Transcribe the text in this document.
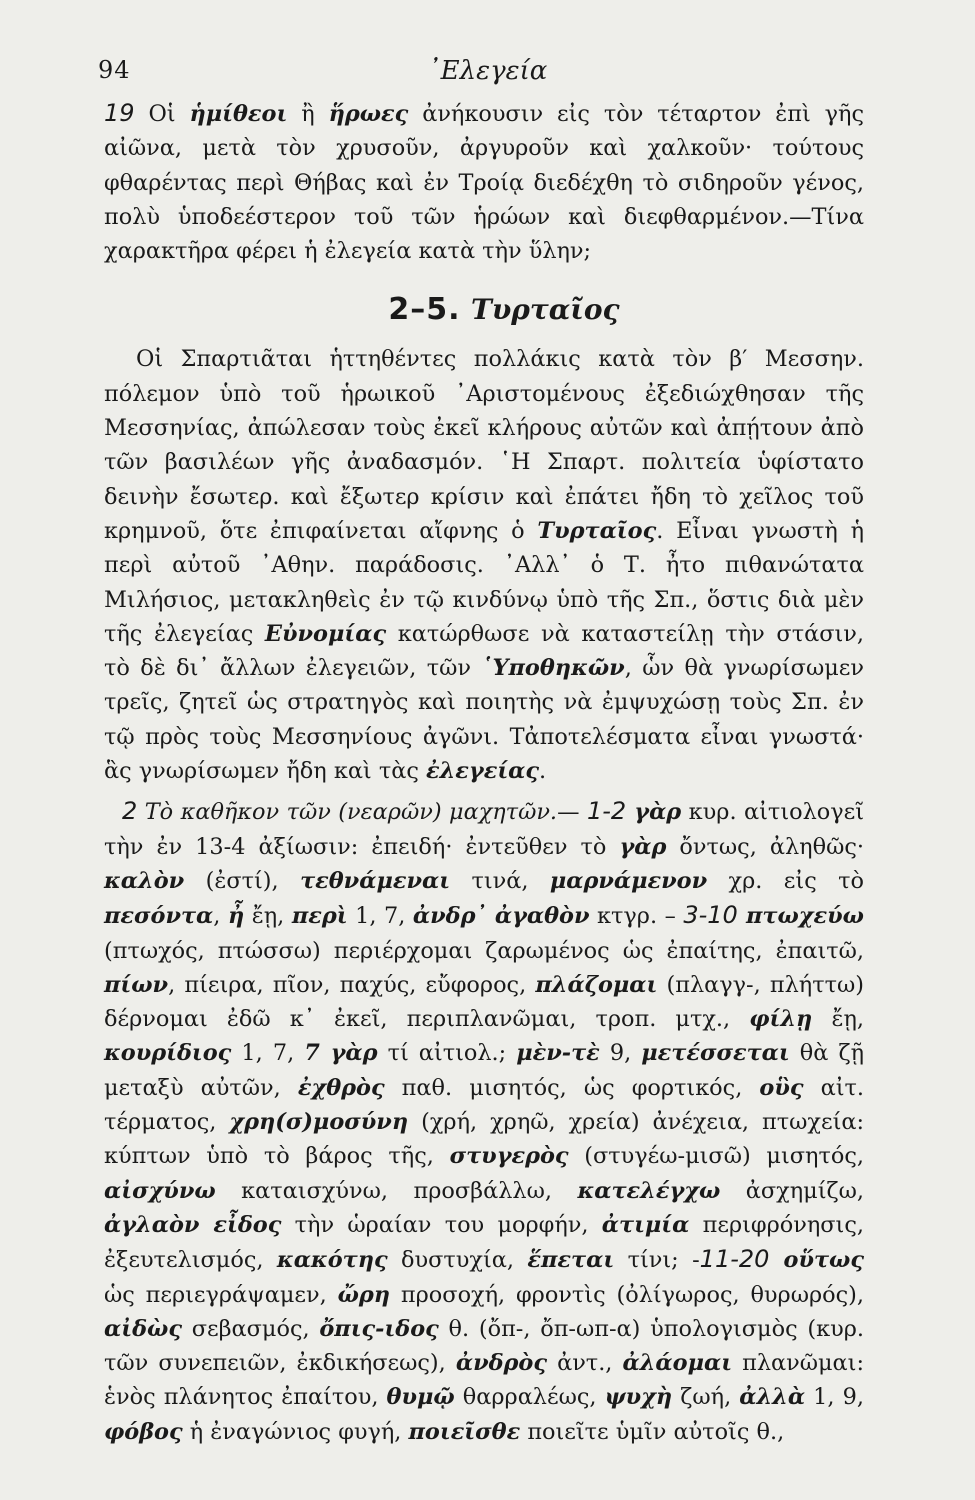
94	᾽Ελεγεία

19 Οἱ ἡμίθεοι ἢ ἥρωες ἀνήκουσιν εἰς τὸν τέταρτον ἐπὶ γῆς αἰῶνα, μετὰ τὸν χρυσοῦν, ἀργυροῦν καὶ χαλκοῦν· τούτους φθαρέντας περὶ Θήβας καὶ ἐν Τροίᾳ διεδέχθη τὸ σιδηροῦν γένος, πολὺ ὑποδεέστερον τοῦ τῶν ἡρώων καὶ διεφθαρμένον.—Τίνα χαρακτῆρα φέρει ἡ ἐλεγεία κατὰ τὴν ὕλην;

2–5. Τυρταῖος

Οἱ Σπαρτιᾶται ἡττηθέντες πολλάκις κατὰ τὸν β′ Μεσσην. πόλεμον ὑπὸ τοῦ ἡρωικοῦ ᾽Αριστομένους ἐξεδιώχθησαν τῆς Μεσσηνίας, ἀπώλεσαν τοὺς ἐκεῖ κλήρους αὐτῶν καὶ ἀπῄτουν ἀπὸ τῶν βασιλέων γῆς ἀναδασμόν. ῾Η Σπαρτ. πολιτεία ὑφίστατο δεινὴν ἔσωτερ. καὶ ἔξωτερ κρίσιν καὶ ἐπάτει ἤδη τὸ χεῖλος τοῦ κρημνοῦ, ὅτε ἐπιφαίνεται αἴφνης ὁ Τυρταῖος. Εἶναι γνωστὴ ἡ περὶ αὐτοῦ ᾽Αθην. παράδοσις. ᾽Αλλ᾽ ὁ Τ. ἦτο πιθανώτατα Μιλήσιος, μετακληθεὶς ἐν τῷ κινδύνῳ ὑπὸ τῆς Σπ., ὅστις διὰ μὲν τῆς ἐλεγείας Εὐνομίας κατώρθωσε νὰ καταστείλῃ τὴν στάσιν, τὸ δὲ δι᾽ ἄλλων ἐλεγειῶν, τῶν ῾Υποθηκῶν, ὧν θὰ γνωρίσωμεν τρεῖς, ζητεῖ ὡς στρατηγὸς καὶ ποιητὴς νὰ ἐμψυχώσῃ τοὺς Σπ. ἐν τῷ πρὸς τοὺς Μεσσηνίους ἀγῶνι. Τἀποτελέσματα εἶναι γνωστά· ἃς γνωρίσωμεν ἤδη καὶ τὰς ἐλεγείας.

2 Τὸ καθῆκον τῶν (νεαρῶν) μαχητῶν.— 1-2 γὰρ κυρ. αἰτιολογεῖ τὴν ἐν 13-4 ἀξίωσιν: ἐπειδή· ἐντεῦθεν τὸ γὰρ ὄντως, ἀληθῶς· καλὸν (ἐστί), τεθνάμεναι τινά, μαρνάμενον χρ. εἰς τὸ πεσόντα, ἦ ἔῃ, περὶ 1, 7, ἀνδρ᾽ ἀγαθὸν κτγρ. – 3-10 πτωχεύω (πτωχός, πτώσσω) περιέρχομαι ζαρωμένος ὡς ἐπαίτης, ἐπαιτῶ, πίων, πίειρα, πῖον, παχύς, εὔφορος, πλάζομαι (πλαγγ-, πλήττω) δέρνομαι ἐδῶ κ᾽ ἐκεῖ, περιπλανῶμαι, τροπ. μτχ., φίλῃ ἔῃ, κουρίδιος 1, 7, 7 γὰρ τί αἰτιολ.; μὲν-τὲ 9, μετέσσεται θὰ ζῇ μεταξὺ αὐτῶν, ἐχθρὸς παθ. μισητός, ὡς φορτικός, οὓς αἰτ. τέρματος, χρη(σ)μοσύνη (χρή, χρηῶ, χρεία) ἀνέχεια, πτωχεία: κύπτων ὑπὸ τὸ βάρος τῆς, στυγερὸς (στυγέω-μισῶ) μισητός, αἰσχύνω καταισχύνω, προσβάλλω, κατελέγχω ἀσχημίζω, ἀγλαὸν εἶδος τὴν ὡραίαν του μορφήν, ἀτιμία περιφρόνησις, ἐξευτελισμός, κακότης δυστυχία, ἕπεται τίνι; -11-20 οὕτως ὡς περιεγράψαμεν, ὤρη προσοχή, φροντὶς (ὀλίγωρος, θυρωρός), αἰδὼς σεβασμός, ὄπις-ιδος θ. (ὄπ-, ὄπ-ωπ-α) ὑπολογισμὸς (κυρ. τῶν συνεπειῶν, ἐκδικήσεως), ἀνδρὸς ἀντ., ἀλάομαι πλανῶμαι: ἑνὸς πλάνητος ἐπαίτου, θυμῷ θαρραλέως, ψυχὴ ζωή, ἀλλὰ 1, 9, φόβος ἡ ἐναγώνιος φυγή, ποιεῖσθε ποιεῖτε ὑμῖν αὐτοῖς θ.,
